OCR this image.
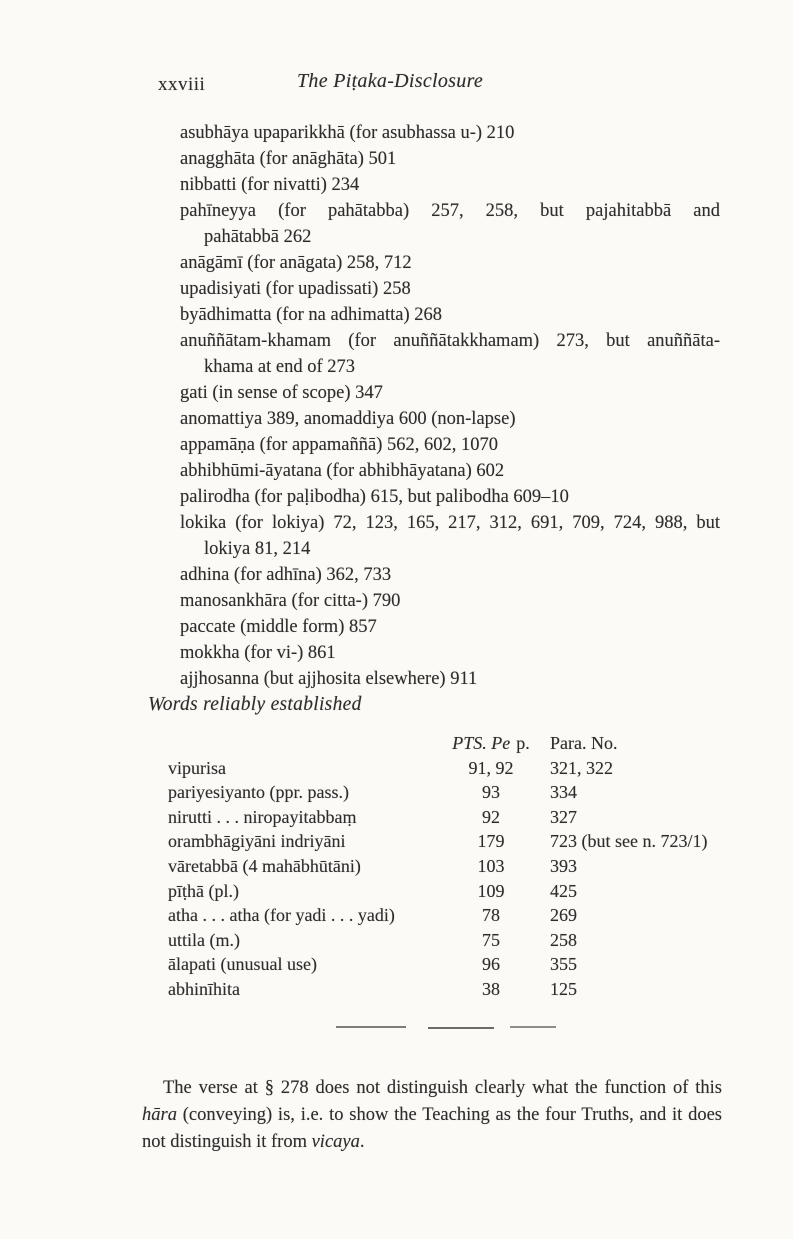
xxviii	The Piṭaka-Disclosure
asubhāya upaparikkhā (for asubhassa u-) 210
anagghāta (for anāghāta) 501
nibbatti (for nivatti) 234
pahīneyya (for pahātabba) 257, 258, but pajahitabbā and
pahātabbā 262
anāgāmī (for anāgata) 258, 712
upadisiyati (for upadissati) 258
byādhimatta (for na adhimatta) 268
anuññātam-khamam (for anuññātakkhamam) 273, but anuññāta-
khama at end of 273
gati (in sense of scope) 347
anomattiya 389, anomaddiya 600 (non-lapse)
appamāṇa (for appamaññā) 562, 602, 1070
abhibhūmi-āyatana (for abhibhāyatana) 602
palirodha (for paḷibodha) 615, but palibodha 609–10
lokika (for lokiya) 72, 123, 165, 217, 312, 691, 709, 724, 988, but
lokiya 81, 214
adhina (for adhīna) 362, 733
manosankhāra (for citta-) 790
paccate (middle form) 857
mokkha (for vi-) 861
ajjhosanna (but ajjhosita elsewhere) 911
Words reliably established
	PTS. Pe p.	Para. No.
vipurisa	91, 92	321, 322
pariyesiyanto (ppr. pass.)	93	334
nirutti . . . niropayitabbaṃ	92	327
orambhāgiyāni indriyāni	179	723 (but see n. 723/1)
vāretabbā (4 mahābhūtāni)	103	393
pīṭhā (pl.)	109	425
atha . . . atha (for yadi . . . yadi)	78	269
uttila (m.)	75	258
ālapati (unusual use)	96	355
abhinīhita	38	125

The verse at § 278 does not distinguish clearly what the function of this hāra (conveying) is, i.e. to show the Teaching as the four Truths, and it does not distinguish it from vicaya.
